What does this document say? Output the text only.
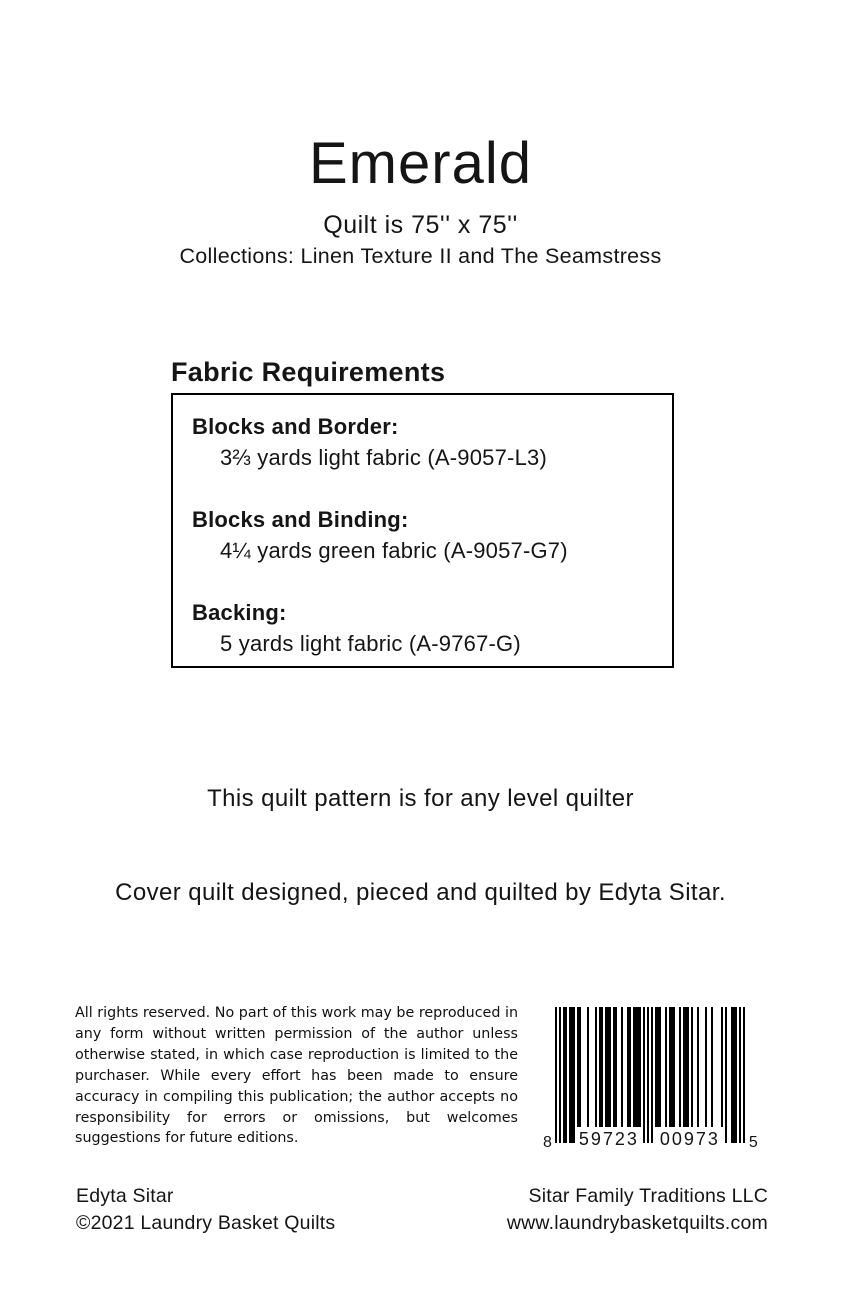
Emerald
Quilt is 75'' x 75''
Collections: Linen Texture II and The Seamstress
Fabric Requirements
Blocks and Border:
3⅔ yards light fabric (A-9057-L3)
Blocks and Binding:
4¼ yards green fabric (A-9057-G7)
Backing:
5 yards light fabric (A-9767-G)
This quilt pattern is for any level quilter
Cover quilt designed, pieced and quilted by Edyta Sitar.
All rights reserved. No part of this work may be reproduced in any form without written permission of the author unless otherwise stated, in which case reproduction is limited to the purchaser. While every effort has been made to ensure accuracy in compiling this publication; the author accepts no responsibility for errors or omissions, but welcomes suggestions for future editions.	8 59723 00973	5
Edyta Sitar
©2021 Laundry Basket Quilts
Sitar Family Traditions LLC
www.laundrybasketquilts.com
